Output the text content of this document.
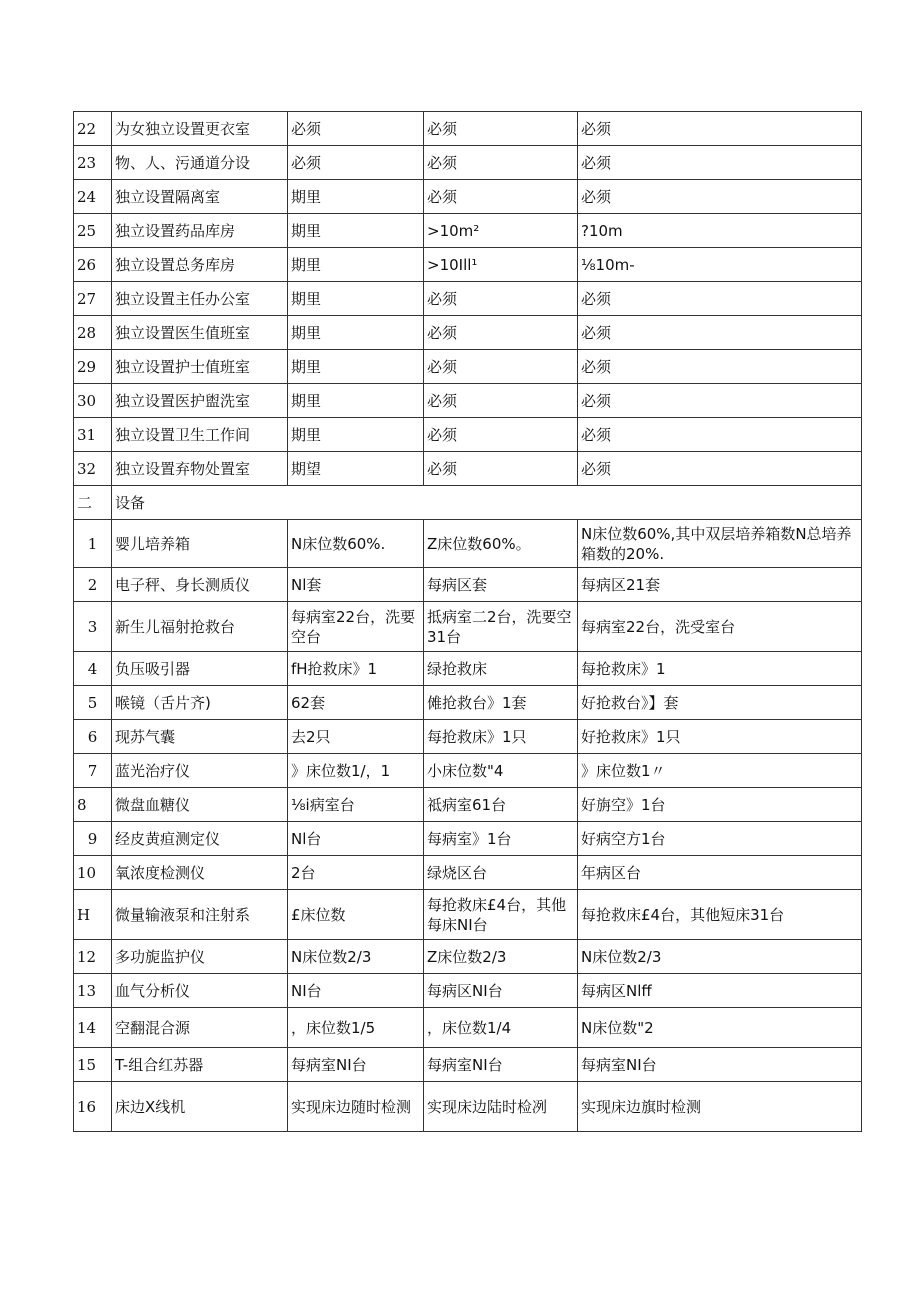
22	为女独立设置更衣室	必须	必须	必须
23	物、人、污通道分设	必须	必须	必须
24	独立设置隔离室	期里	必须	必须
25	独立设置药品库房	期里	>10m²	?10m
26	独立设置总务库房	期里	>10Ill¹	⅛10m-
27	独立设置主任办公室	期里	必须	必须
28	独立设置医生值班室	期里	必须	必须
29	独立设置护士值班室	期里	必须	必须
30	独立设置医护盥洗室	期里	必须	必须
31	独立设置卫生工作间	期里	必须	必须
32	独立设置弃物处置室	期望	必须	必须
二	设备			
1	婴儿培养箱	N床位数60%.	Z床位数60%。	N床位数60%,其中双层培养箱数N总培养箱数的20%.
2	电子秤、身长测质仪	Nl套	每病区套	每病区21套
3	新生儿福射抢救台	每病室22台，洗要空台	抵病室二2台，洗要空31台	每病室22台，洗受室台
4	负压吸引器	fH抢救床》1	绿抢救床	每抢救床》1
5	喉镜（舌片齐)	62套	傩抢救台》1套	好抢救台》】套
6	现苏气囊	去2只	每抢救床》1只	好抢救床》1只
7	蓝光治疗仪	》床位数1/，1	小床位数"4	》床位数1〃
8	微盘血糖仪	⅛i病室台	祗病室61台	好旃空》1台
9	经皮黄疸测定仪	Nl台	每病室》1台	好病空方1台
10	氧浓度检测仪	2台	绿烧区台	年病区台
H	微量输液泵和注射系	£床位数	每抢救床£4台，其他每床NI台	每抢救床£4台，其他短床31台
12	多功旎监护仪	N床位数2/3	Z床位数2/3	N床位数2/3
13	血气分析仪	NI台	每病区NI台	每病区Nlff
14	空翻混合源	，床位数1/5	，床位数1/4	N床位数"2
15	T-组合红苏器	每病室NI台	每病室NI台	每病室NI台
16	床边X线机	实现床边随时检测	实现床边陆时检冽	实现床边旗时检测
